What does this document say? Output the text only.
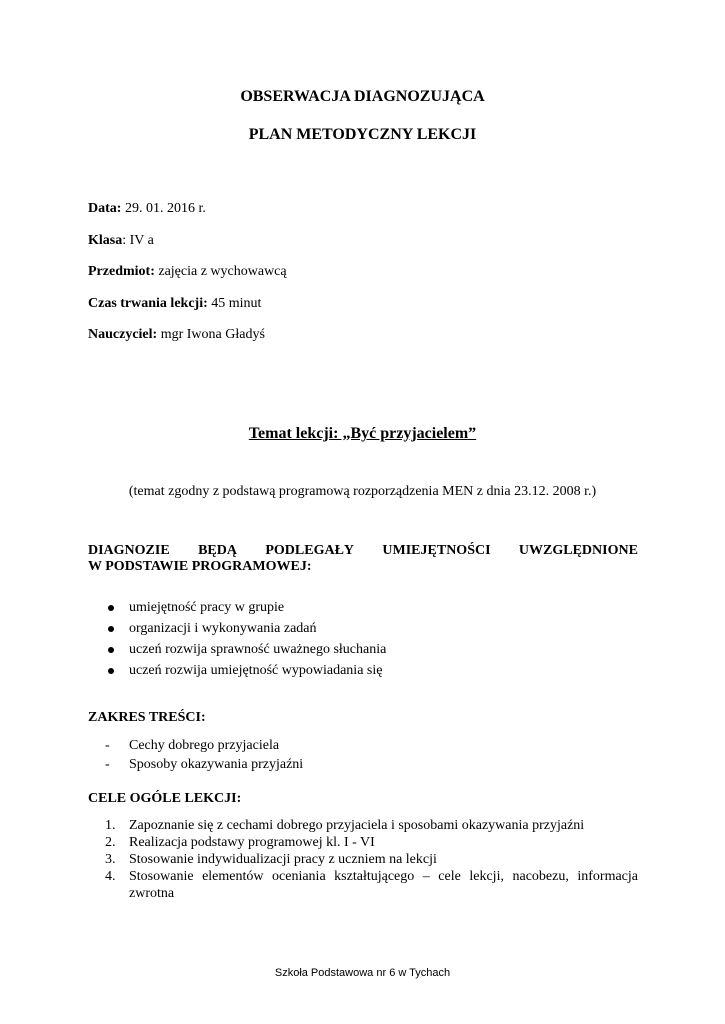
OBSERWACJA DIAGNOZUJĄCA
PLAN METODYCZNY LEKCJI
Data: 29. 01. 2016 r.
Klasa: IV a
Przedmiot: zajęcia z wychowawcą
Czas trwania lekcji: 45 minut
Nauczyciel: mgr Iwona Gładyś
Temat lekcji: „Być przyjacielem”
(temat zgodny z podstawą programową rozporządzenia MEN z dnia 23.12. 2008 r.)
DIAGNOZIE BĘDĄ PODLEGAŁY UMIEJĘTNOŚCI UWZGLĘDNIONE
W PODSTAWIE PROGRAMOWEJ:
umiejętność pracy w grupie
organizacji i wykonywania zadań
uczeń rozwija sprawność uważnego słuchania
uczeń rozwija umiejętność wypowiadania się
ZAKRES TREŚCI:
-	Cechy dobrego przyjaciela
-	Sposoby okazywania przyjaźni
CELE OGÓLE LEKCJI:
1. Zapoznanie się z cechami dobrego przyjaciela i sposobami okazywania przyjaźni
2. Realizacja podstawy programowej kl. I - VI
3. Stosowanie indywidualizacji pracy z uczniem na lekcji
4. Stosowanie elementów oceniania kształtującego – cele lekcji, nacobezu, informacja zwrotna
Szkoła Podstawowa nr 6 w Tychach
